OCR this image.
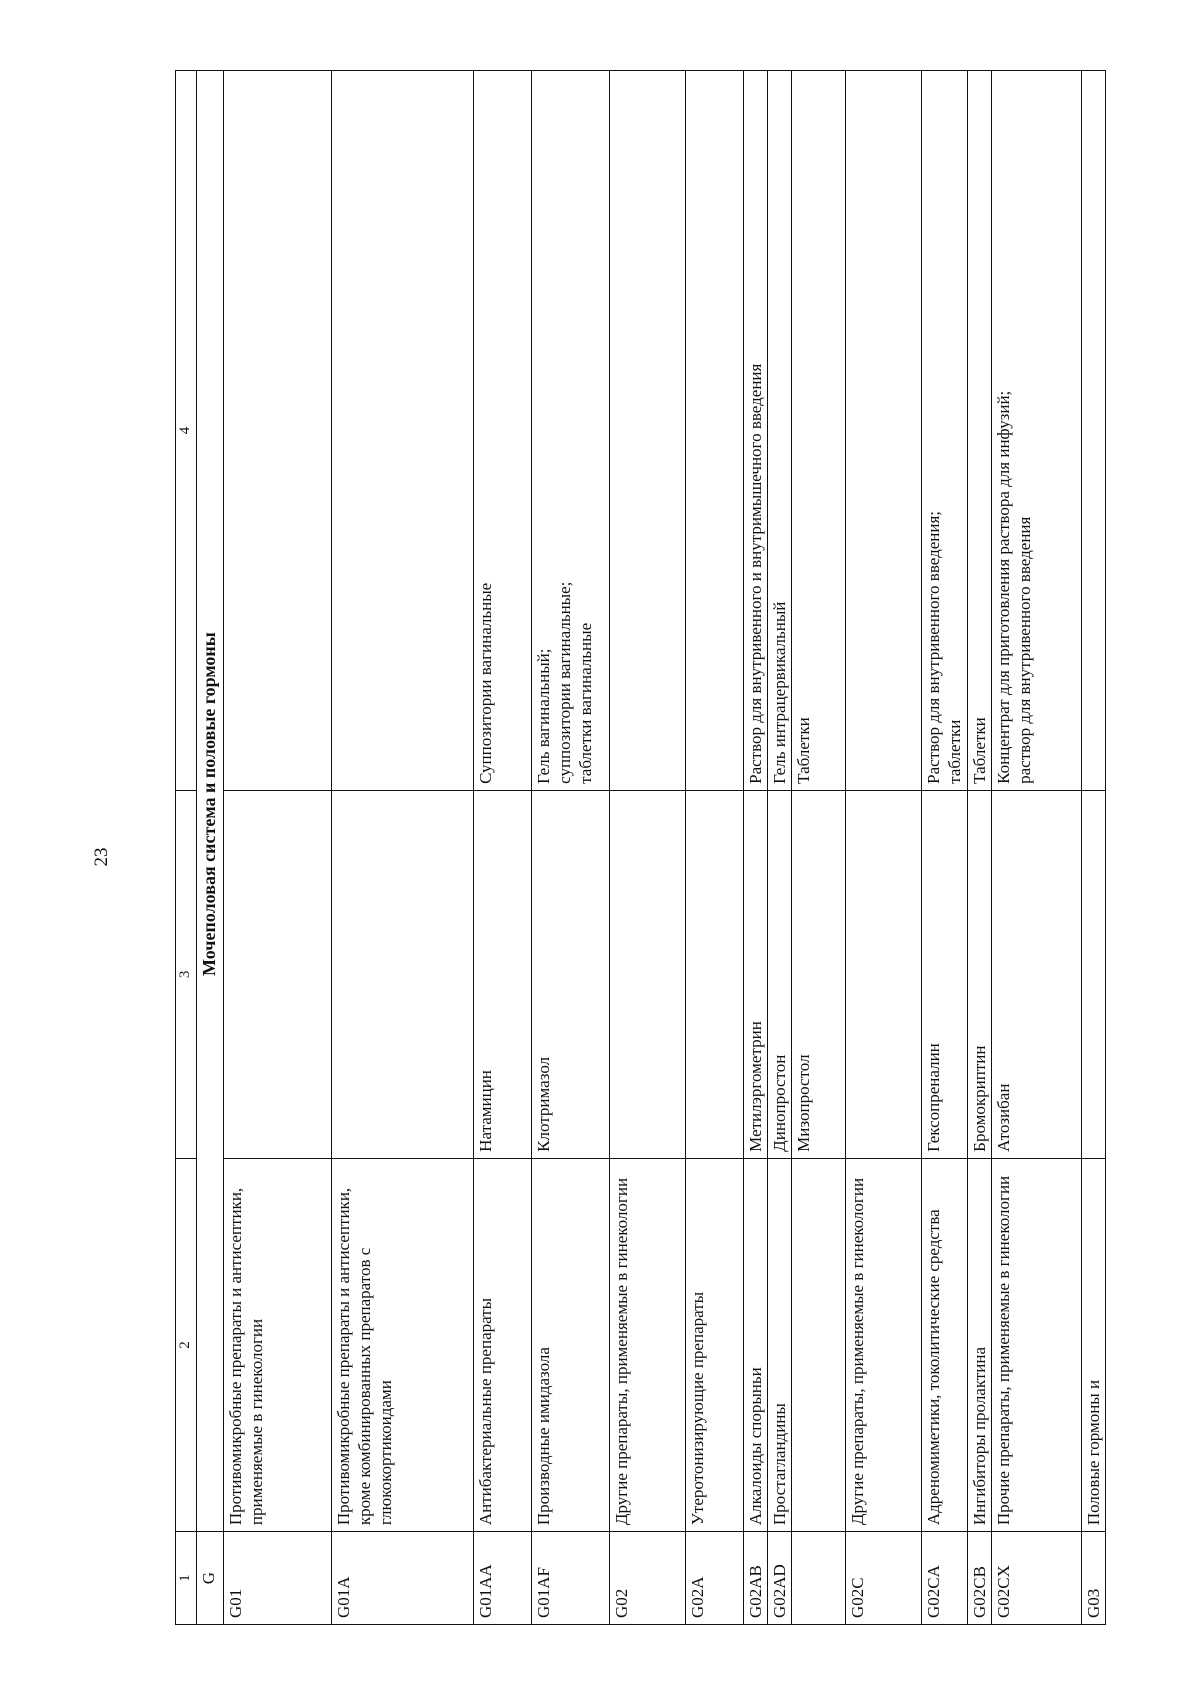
23
1	2	3	4
G	Мочеполовая система и половые гормоны		
G01	Противомикробные препараты и антисептики, применяемые в гинекологии		
G01A	Противомикробные препараты и антисептики, кроме комбинированных препаратов с глюкокортикоидами		
G01AA	Антибактериальные препараты	Натамицин	Суппозитории вагинальные
G01AF	Производные имидазола	Клотримазол	Гель вагинальный; суппозитории вагинальные; таблетки вагинальные
G02	Другие препараты, применяемые в гинекологии		
G02A	Утеротонизирующие препараты		
G02AB	Алкалоиды спорыньи	Метилэргометрин	Раствор для внутривенного и внутримышечного введения
G02AD	Простагландины	Динопростон	Гель интрацервикальный
		Мизопростол	Таблетки
G02C	Другие препараты, применяемые в гинекологии		
G02CA	Адреномиметики, токолитические средства	Гексопреналин	Раствор для внутривенного введения; таблетки
G02CB	Ингибиторы пролактина	Бромокриптин	Таблетки
G02CX	Прочие препараты, применяемые в гинекологии	Атозибан	Концентрат для приготовления раствора для инфузий; раствор для внутривенного введения
G03	Половые гормоны и		
